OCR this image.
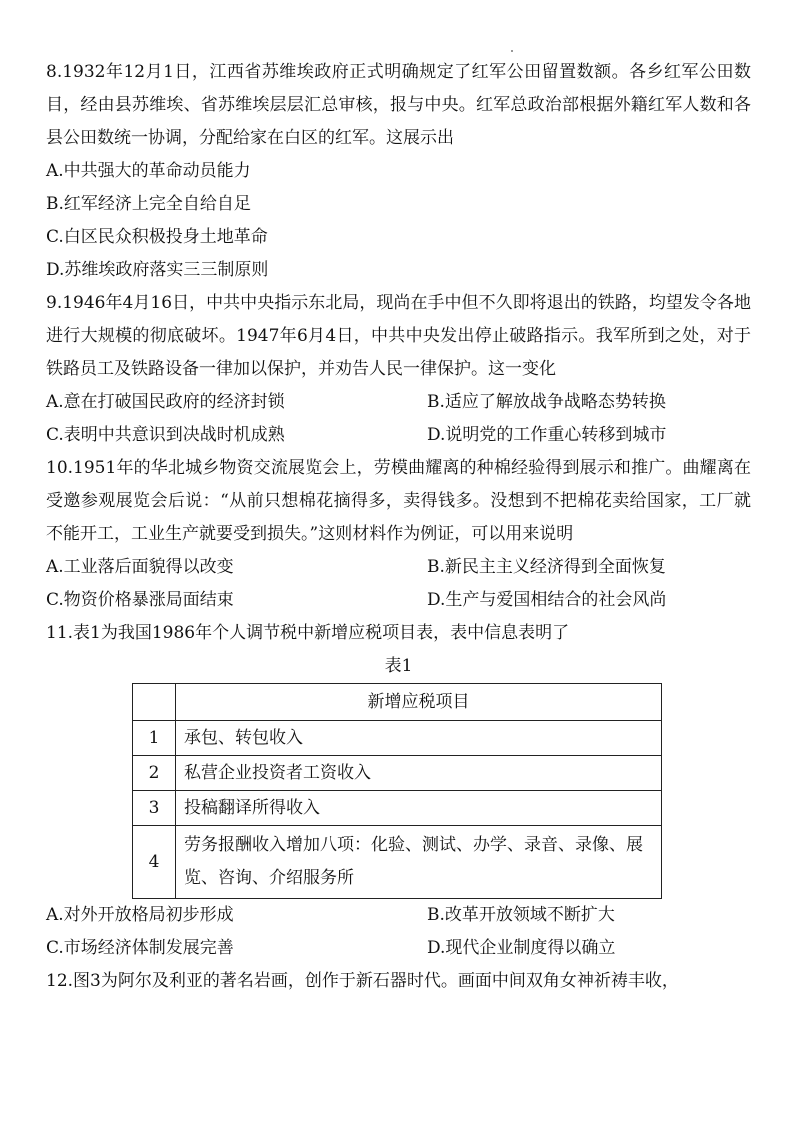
8.1932年12月1日，江西省苏维埃政府正式明确规定了红军公田留置数额。各乡红军公田数目，经由县苏维埃、省苏维埃层层汇总审核，报与中央。红军总政治部根据外籍红军人数和各县公田数统一协调，分配给家在白区的红军。这展示出

A.中共强大的革命动员能力

B.红军经济上完全自给自足

C.白区民众积极投身土地革命

D.苏维埃政府落实三三制原则

9.1946年4月16日，中共中央指示东北局，现尚在手中但不久即将退出的铁路，均望发令各地进行大规模的彻底破坏。1947年6月4日，中共中央发出停止破路指示。我军所到之处，对于铁路员工及铁路设备一律加以保护，并劝告人民一律保护。这一变化

A.意在打破国民政府的经济封锁	B.适应了解放战争战略态势转换
C.表明中共意识到决战时机成熟	D.说明党的工作重心转移到城市

10.1951年的华北城乡物资交流展览会上，劳模曲耀离的种棉经验得到展示和推广。曲耀离在受邀参观展览会后说：“从前只想棉花摘得多，卖得钱多。没想到不把棉花卖给国家，工厂就不能开工，工业生产就要受到损失。”这则材料作为例证，可以用来说明

A.工业落后面貌得以改变	B.新民主主义经济得到全面恢复
C.物资价格暴涨局面结束	D.生产与爱国相结合的社会风尚

11.表1为我国1986年个人调节税中新增应税项目表，表中信息表明了

表1

	新增应税项目
1	承包、转包收入
2	私营企业投资者工资收入
3	投稿翻译所得收入
4	劳务报酬收入增加八项：化验、测试、办学、录音、录像、展览、咨询、介绍服务所
A.对外开放格局初步形成	B.改革开放领域不断扩大
C.市场经济体制发展完善	D.现代企业制度得以确立

12.图3为阿尔及利亚的著名岩画，创作于新石器时代。画面中间双角女神祈祷丰收，
